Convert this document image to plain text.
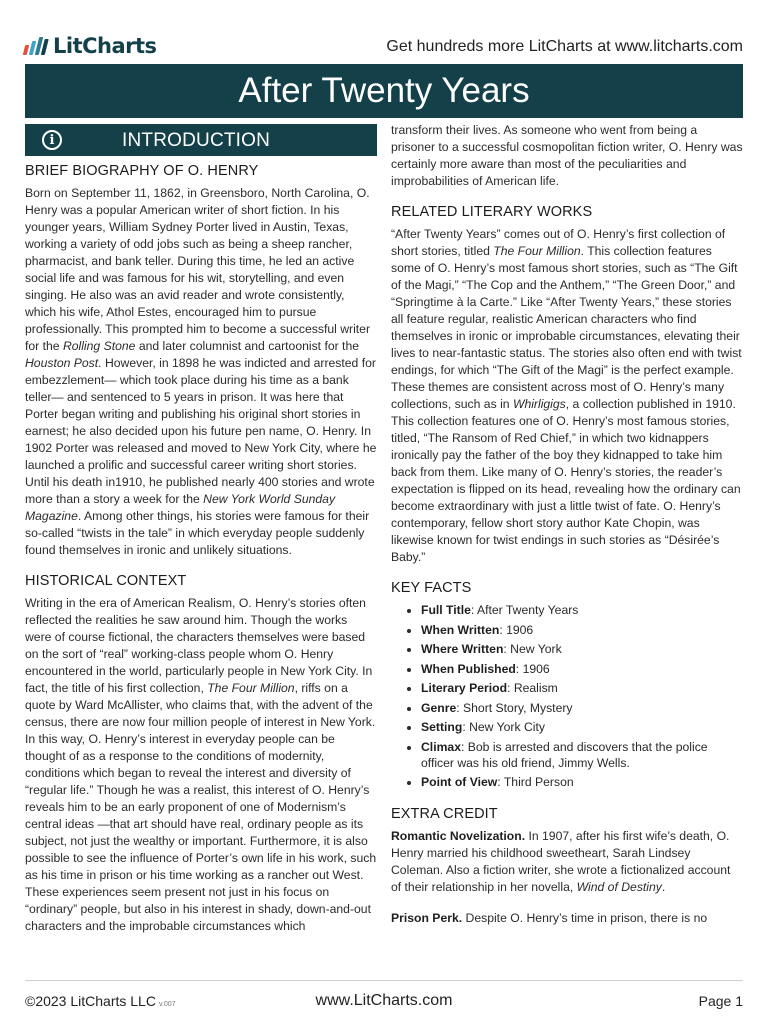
LitCharts	Get hundreds more LitCharts at www.litcharts.com
After Twenty Years
i	INTRODUCTION
BRIEF BIOGRAPHY OF O. HENRY

Born on September 11, 1862, in Greensboro, North Carolina, O. Henry was a popular American writer of short fiction. In his younger years, William Sydney Porter lived in Austin, Texas, working a variety of odd jobs such as being a sheep rancher, pharmacist, and bank teller. During this time, he led an active social life and was famous for his wit, storytelling, and even singing. He also was an avid reader and wrote consistently, which his wife, Athol Estes, encouraged him to pursue professionally. This prompted him to become a successful writer for the Rolling Stone and later columnist and cartoonist for the Houston Post. However, in 1898 he was indicted and arrested for embezzlement— which took place during his time as a bank teller— and sentenced to 5 years in prison. It was here that Porter began writing and publishing his original short stories in earnest; he also decided upon his future pen name, O. Henry. In 1902 Porter was released and moved to New York City, where he launched a prolific and successful career writing short stories. Until his death in1910, he published nearly 400 stories and wrote more than a story a week for the New York World Sunday Magazine. Among other things, his stories were famous for their so-called “twists in the tale” in which everyday people suddenly found themselves in ironic and unlikely situations.

HISTORICAL CONTEXT

Writing in the era of American Realism, O. Henry’s stories often reflected the realities he saw around him. Though the works were of course fictional, the characters themselves were based on the sort of “real” working-class people whom O. Henry encountered in the world, particularly people in New York City. In fact, the title of his first collection, The Four Million, riffs on a quote by Ward McAllister, who claims that, with the advent of the census, there are now four million people of interest in New York. In this way, O. Henry’s interest in everyday people can be thought of as a response to the conditions of modernity, conditions which began to reveal the interest and diversity of “regular life.” Though he was a realist, this interest of O. Henry’s reveals him to be an early proponent of one of Modernism’s central ideas —that art should have real, ordinary people as its subject, not just the wealthy or important. Furthermore, it is also possible to see the influence of Porter’s own life in his work, such as his time in prison or his time working as a rancher out West. These experiences seem present not just in his focus on “ordinary” people, but also in his interest in shady, down-and-out characters and the improbable circumstances which

transform their lives. As someone who went from being a prisoner to a successful cosmopolitan fiction writer, O. Henry was certainly more aware than most of the peculiarities and improbabilities of American life.

RELATED LITERARY WORKS

“After Twenty Years” comes out of O. Henry’s first collection of short stories, titled The Four Million. This collection features some of O. Henry’s most famous short stories, such as “The Gift of the Magi,” “The Cop and the Anthem,” “The Green Door,” and “Springtime à la Carte.” Like “After Twenty Years,” these stories all feature regular, realistic American characters who find themselves in ironic or improbable circumstances, elevating their lives to near-fantastic status. The stories also often end with twist endings, for which “The Gift of the Magi” is the perfect example. These themes are consistent across most of O. Henry’s many collections, such as in Whirligigs, a collection published in 1910. This collection features one of O. Henry’s most famous stories, titled, “The Ransom of Red Chief,” in which two kidnappers ironically pay the father of the boy they kidnapped to take him back from them. Like many of O. Henry’s stories, the reader’s expectation is flipped on its head, revealing how the ordinary can become extraordinary with just a little twist of fate. O. Henry’s contemporary, fellow short story author Kate Chopin, was likewise known for twist endings in such stories as “Désirée’s Baby.”

KEY FACTS
• Full Title: After Twenty Years
• When Written: 1906
• Where Written: New York
• When Published: 1906
• Literary Period: Realism
• Genre: Short Story, Mystery
• Setting: New York City
• Climax: Bob is arrested and discovers that the police officer was his old friend, Jimmy Wells.
• Point of View: Third Person
EXTRA CREDIT

Romantic Novelization. In 1907, after his first wife’s death, O. Henry married his childhood sweetheart, Sarah Lindsey Coleman. Also a fiction writer, she wrote a fictionalized account of their relationship in her novella, Wind of Destiny.

Prison Perk. Despite O. Henry’s time in prison, there is no

©2023 LitCharts LLC v.007	www.LitCharts.com	Page 1
